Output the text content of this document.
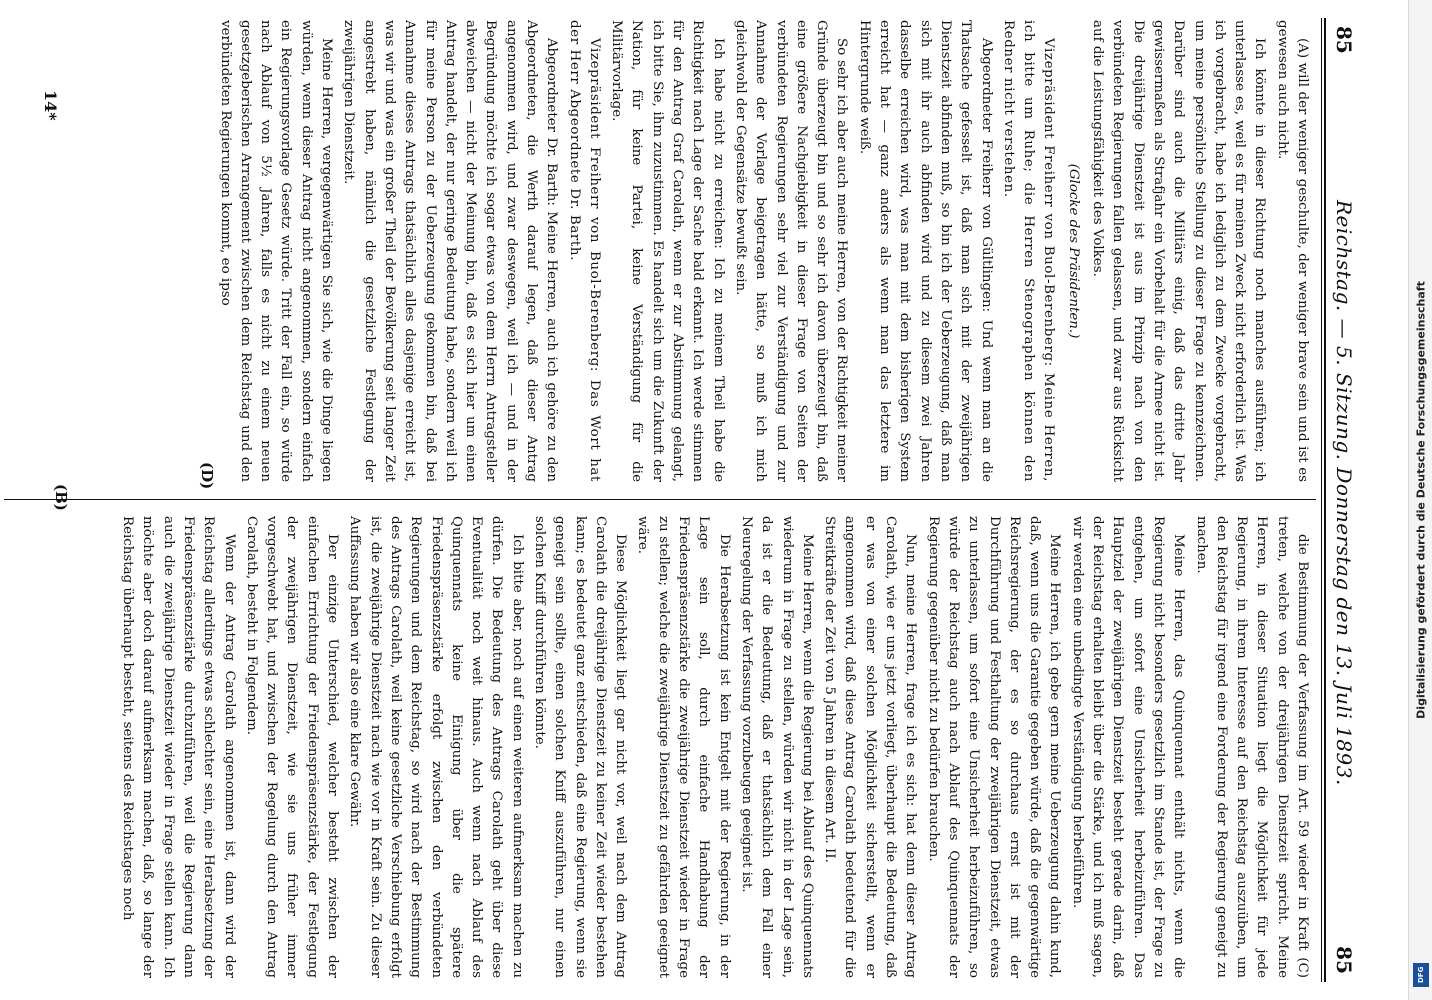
85
Reichstag. — 5. Sitzung. Donnerstag den 13. Juli 1893.
85

(A) will der weniger geschulte, der weniger brave sein und ist es gewesen auch nicht.

Ich könnte in dieser Richtung noch manches ausführen; ich unterlasse es, weil es für meinen Zweck nicht erforderlich ist. Was ich vorgebracht, habe ich lediglich zu dem Zwecke vorgebracht, um meine persönliche Stellung zu dieser Frage zu kennzeichnen. Darüber sind auch die Militärs einig, daß das dritte Jahr gewissermaßen als Strafjahr ein Vorbehalt für die Armee nicht ist. Die dreijährige Dienstzeit ist aus im Prinzip nach von den verbündeten Regierungen fallen gelassen, und zwar aus Rücksicht auf die Leistungsfähigkeit des Volkes.

(Glocke des Präsidenten.)

Vizepräsident Freiherr von Buol-Berenberg: Meine Herren, ich bitte um Ruhe; die Herren Stenographen können den Redner nicht verstehen.

Abgeordneter Freiherr von Gültlingen: Und wenn man an die Thatsache gefesselt ist, daß man sich mit der zweijährigen Dienstzeit abfinden muß, so bin ich der Ueberzeugung, daß man sich mit ihr auch abfinden wird und zu diesem zwei Jahren dasselbe erreichen wird, was man mit dem bisherigen System erreicht hat — ganz anders als wenn man das letztere im Hintergrunde weiß.

So sehr ich aber auch meine Herren, von der Richtigkeit meiner Gründe überzeugt bin und so sehr ich davon überzeugt bin, daß eine größere Nachgiebigkeit in dieser Frage von Seiten der verbündeten Regierungen sehr viel zur Verständigung und zur Annahme der Vorlage beigetragen hätte, so muß ich mich gleichwohl der Gegensätze bewußt sein.

Ich habe nicht zu erreichen: Ich zu meinem Theil habe die Richtigkeit nach Lage der Sache bald erkannt. Ich werde stimmen für den Antrag Graf Carolath, wenn er zur Abstimmung gelangt, ich bitte Sie, ihm zuzustimmen. Es handelt sich um die Zukunft der Nation, für keine Partei, keine Verständigung für die Militärvorlage.

Vizepräsident Freiherr von Buol-Berenberg: Das Wort hat der Herr Abgeordnete Dr. Barth.

Abgeordneter Dr. Barth: Meine Herren, auch ich gehöre zu den Abgeordneten, die Werth darauf legen, daß dieser Antrag angenommen wird, und zwar deswegen, weil ich — und in der Begründung möchte ich sogar etwas von dem Herrn Antragsteller abweichen — nicht der Meinung bin, daß es sich hier um einen Antrag handelt, der nur geringe Bedeutung habe, sondern weil ich für meine Person zu der Ueberzeugung gekommen bin, daß bei Annahme dieses Antrags thatsächlich alles dasjenige erreicht ist, was wir und was ein großer Theil der Bevölkerung seit langer Zeit angestrebt haben, nämlich die gesetzliche Festlegung der zweijährigen Dienstzeit.

Meine Herren, vergegenwärtigen Sie sich, wie die Dinge liegen würden, wenn dieser Antrag nicht angenommen, sondern einfach ein Regierungsvorlage Gesetz würde. Tritt der Fall ein, so würde nach Ablauf von 5½ Jahren, falls es nicht zu einem neuen gesetzgeberischen Arrangement zwischen dem Reichstag und den verbündeten Regierungen kommt, eo ipso

die Bestimmung der Verfassung im Art. 59 wieder in Kraft (C) treten, welche von der dreijährigen Dienstzeit spricht. Meine Herren, in dieser Situation liegt die Möglichkeit für jede Regierung, in ihrem Interesse auf den Reichstag auszuüben, um den Reichstag für irgend eine Forderung der Regierung geneigt zu machen.

Meine Herren, das Quinquennat enthält nichts, wenn die Regierung nicht besonders gesetzlich im Stande ist, der Frage zu entgehen, um sofort eine Unsicherheit herbeizuführen. Das Hauptziel der zweijährigen Dienstzeit besteht gerade darin, daß der Reichstag erhalten bleibt über die Stärke, und ich muß sagen, wir werden eine unbedingte Verständigung herbeiführen.

Meine Herren, ich gebe gern meine Ueberzeugung dahin kund, daß, wenn uns die Garantie gegeben würde, daß die gegenwärtige Reichsregierung, der es so durchaus ernst ist mit der Durchführung und Festhaltung der zweijährigen Dienstzeit, etwas zu unterlassen, um sofort eine Unsicherheit herbeizuführen, so würde der Reichstag auch nach Ablauf des Quinquennats der Regierung gegenüber nicht zu bedürfen brauchen.

Nun, meine Herren, frage ich es sich: hat denn dieser Antrag Carolath, wie er uns jetzt vorliegt, überhaupt die Bedeutung, daß er was von einer solchen Möglichkeit sicherstellt, wenn er angenommen wird, daß diese Antrag Carolath bedeutend für die Streitkräfte der Zeit von 5 Jahren in diesem Art. II.

Meine Herren, wenn die Regierung bei Ablauf des Quinquennats wiederum in Frage zu stellen, würden wir nicht in der Lage sein, da ist er die Bedeutung, daß er thatsächlich dem Fall einer Neuregelung der Verfassung vorzubeugen geeignet ist.

Die Herabsetzung ist kein Entgelt mit der Regierung, in der Lage sein soll, durch einfache Handhabung der Friedenspräsenzstärke die zweijährige Dienstzeit wieder in Frage zu stellen; welche die zweijährige Dienstzeit zu gefährden geeignet wäre.

Diese Möglichkeit liegt gar nicht vor, weil nach dem Antrag Carolath die dreijährige Dienstzeit zu keiner Zeit wieder bestehen kann; es bedeutet ganz entschieden, daß eine Regierung, wenn sie geneigt sein sollte, einen solchen Kniff auszuführen, nur einen solchen Kniff durchführen könnte.

Ich bitte aber, noch auf einen weiteren aufmerksam machen zu dürfen. Die Bedeutung des Antrags Carolath geht über diese Eventualität noch weit hinaus. Auch wenn nach Ablauf des Quinquennats keine Einigung über die spätere Friedenspräsenzstärke erfolgt zwischen den verbündeten Regierungen und dem Reichstag, so wird nach der Bestimmung des Antrags Carolath, weil keine gesetzliche Verschiebung erfolgt ist, die zweijährige Dienstzeit nach wie vor in Kraft sein. Zu dieser Auffassung haben wir also eine klare Gewähr.

Der einzige Unterschied, welcher besteht zwischen der einfachen Errichtung der Friedenspräsenzstärke, der Festlegung der zweijährigen Dienstzeit, wie sie uns früher immer vorgeschwebt hat, und zwischen der Regelung durch den Antrag Carolath, besteht in Folgendem.

Wenn der Antrag Carolath angenommen ist, dann wird der Reichstag allerdings etwas schlechter sein, eine Herabsetzung der Friedenspräsenzstärke durchzuführen, weil die Regierung dann auch die zweijährige Dienstzeit wieder in Frage stellen kann. Ich möchte aber doch darauf aufmerksam machen, daß, so lange der Reichstag überhaupt besteht, seitens des Reichstages noch

(D)
(B)
14*
Digitalisierung gefördert durch die Deutsche Forschungsgemeinschaft
DFG
